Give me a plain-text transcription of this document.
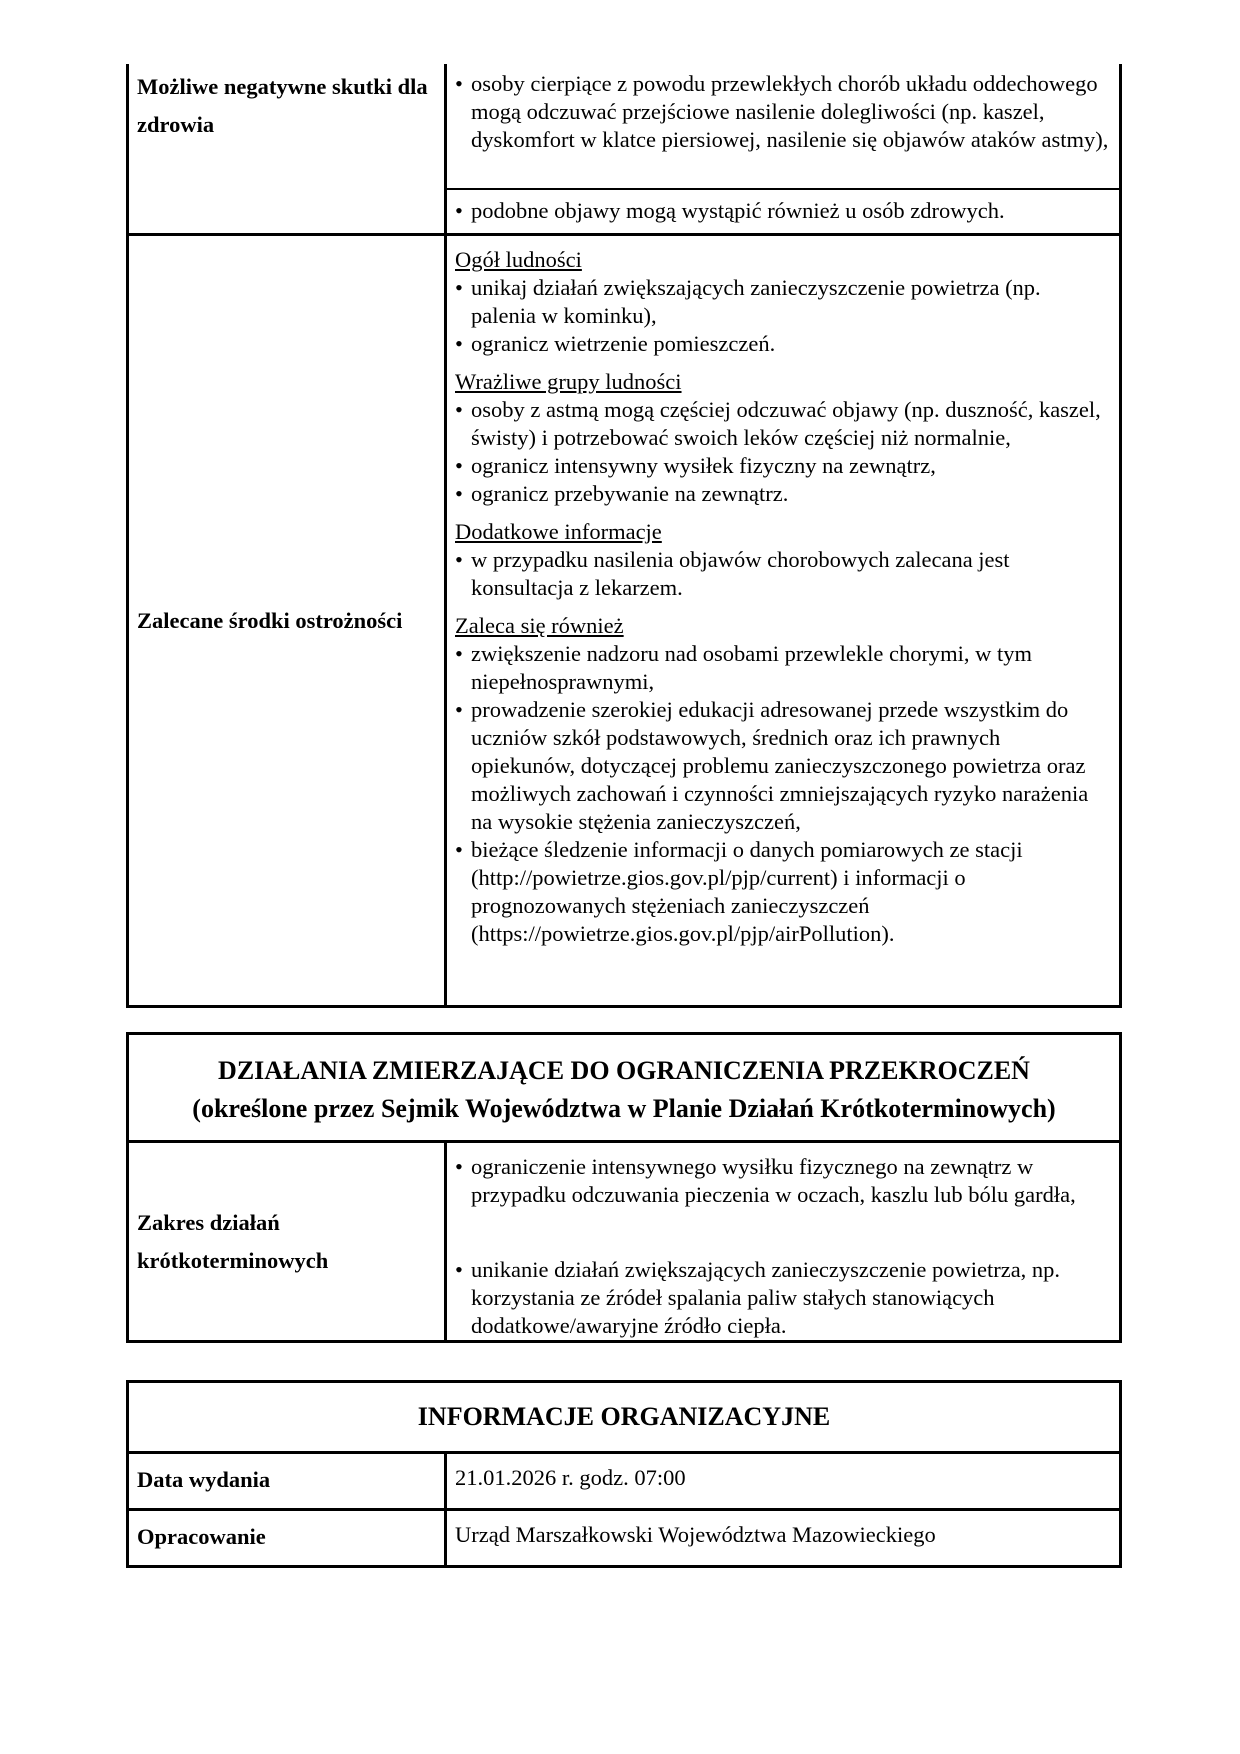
Możliwe negatywne skutki dla zdrowia
• osoby cierpiące z powodu przewlekłych chorób układu oddechowego mogą odczuwać przejściowe nasilenie dolegliwości (np. kaszel, dyskomfort w klatce piersiowej, nasilenie się objawów ataków astmy),
• podobne objawy mogą wystąpić również u osób zdrowych.
Zalecane środki ostrożności
Ogół ludności
• unikaj działań zwiększających zanieczyszczenie powietrza (np. palenia w kominku),
• ogranicz wietrzenie pomieszczeń.
Wrażliwe grupy ludności
• osoby z astmą mogą częściej odczuwać objawy (np. duszność, kaszel, świsty) i potrzebować swoich leków częściej niż normalnie,
• ogranicz intensywny wysiłek fizyczny na zewnątrz,
• ogranicz przebywanie na zewnątrz.
Dodatkowe informacje
• w przypadku nasilenia objawów chorobowych zalecana jest konsultacja z lekarzem.
Zaleca się również
• zwiększenie nadzoru nad osobami przewlekle chorymi, w tym niepełnosprawnymi,
• prowadzenie szerokiej edukacji adresowanej przede wszystkim do uczniów szkół podstawowych, średnich oraz ich prawnych opiekunów, dotyczącej problemu zanieczyszczonego powietrza oraz możliwych zachowań i czynności zmniejszających ryzyko narażenia na wysokie stężenia zanieczyszczeń,
• bieżące śledzenie informacji o danych pomiarowych ze stacji (http://powietrze.gios.gov.pl/pjp/current) i informacji o prognozowanych stężeniach zanieczyszczeń (https://powietrze.gios.gov.pl/pjp/airPollution).
DZIAŁANIA ZMIERZAJĄCE DO OGRANICZENIA PRZEKROCZEŃ
(określone przez Sejmik Województwa w Planie Działań Krótkoterminowych)
Zakres działań krótkoterminowych
• ograniczenie intensywnego wysiłku fizycznego na zewnątrz w przypadku odczuwania pieczenia w oczach, kaszlu lub bólu gardła,
• unikanie działań zwiększających zanieczyszczenie powietrza, np. korzystania ze źródeł spalania paliw stałych stanowiących dodatkowe/awaryjne źródło ciepła.
INFORMACJE ORGANIZACYJNE
Data wydania	21.01.2026 r. godz. 07:00
Opracowanie	Urząd Marszałkowski Województwa Mazowieckiego
